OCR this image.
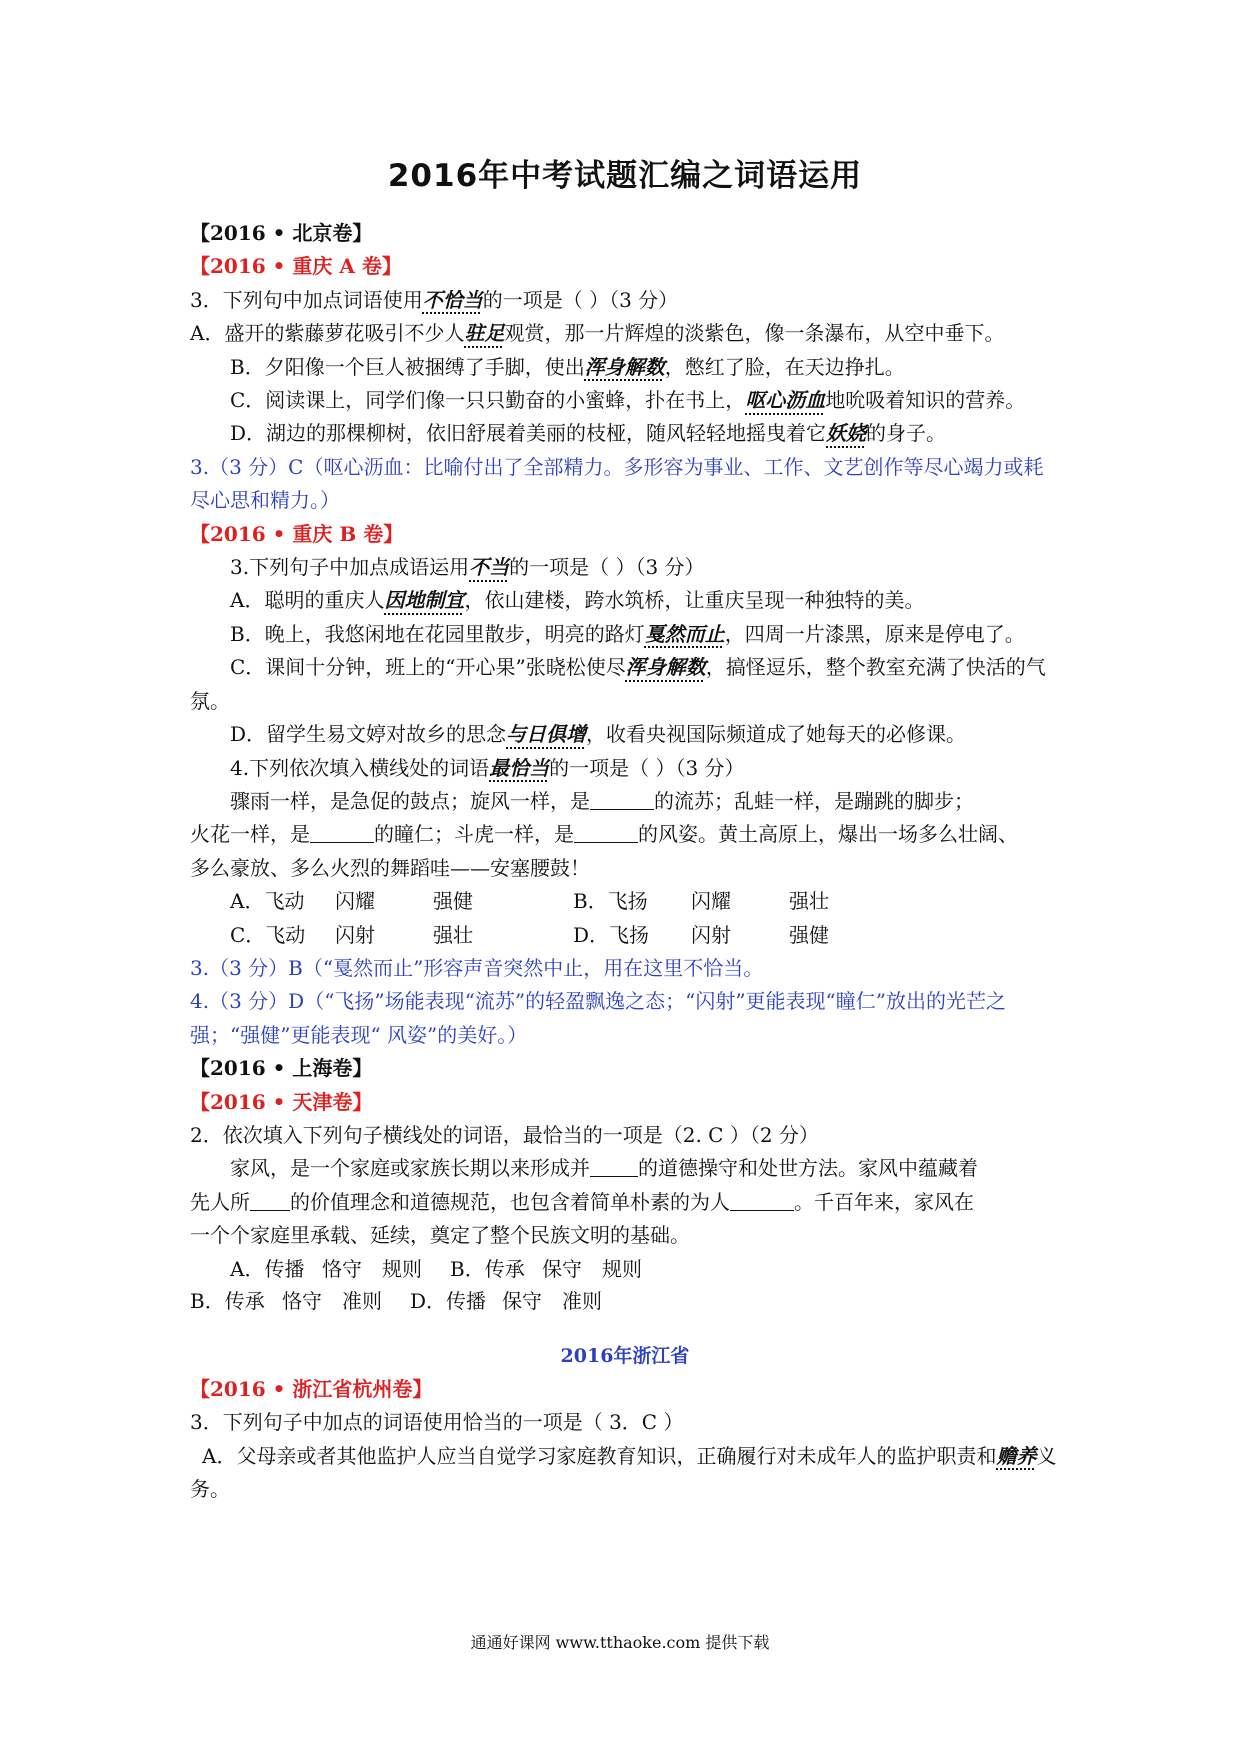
2016年中考试题汇编之词语运用
【2016 • 北京卷】
【2016 • 重庆 A 卷】
3．下列句中加点词语使用不恰当的一项是（ ）（3 分）
A．盛开的紫藤萝花吸引不少人驻足观赏，那一片辉煌的淡紫色，像一条瀑布，从空中垂下。
B．夕阳像一个巨人被捆缚了手脚，使出浑身解数，憋红了脸，在天边挣扎。
C．阅读课上，同学们像一只只勤奋的小蜜蜂，扑在书上，呕心沥血地吮吸着知识的营养。
D．湖边的那棵柳树，依旧舒展着美丽的枝桠，随风轻轻地摇曳着它妖娆的身子。
3.（3 分）C（呕心沥血：比喻付出了全部精力。多形容为事业、工作、文艺创作等尽心竭力或耗尽心思和精力。）
【2016 • 重庆 B 卷】
3.下列句子中加点成语运用不当的一项是（ ）（3 分）
A．聪明的重庆人因地制宜，依山建楼，跨水筑桥，让重庆呈现一种独特的美。
B．晚上，我悠闲地在花园里散步，明亮的路灯戛然而止，四周一片漆黑，原来是停电了。
C．课间十分钟，班上的“开心果”张晓松使尽浑身解数，搞怪逗乐，整个教室充满了快活的气氛。
D．留学生易文婷对故乡的思念与日俱增，收看央视国际频道成了她每天的必修课。
4.下列依次填入横线处的词语最恰当的一项是（ ）（3 分）
骤雨一样，是急促的鼓点；旋风一样，是	的流苏；乱蛙一样，是蹦跳的脚步；
火花一样，是	的瞳仁；斗虎一样，是	的风姿。黄土高原上，爆出一场多么壮阔、
多么豪放、多么火烈的舞蹈哇——安塞腰鼓！
A．飞动 闪耀	强健	B．飞扬 闪耀	强壮
C．飞动 闪射	强壮	D．飞扬 闪射	强健
3.（3 分）B（“戛然而止”形容声音突然中止，用在这里不恰当。
4.（3 分）D（“飞扬”场能表现“流苏”的轻盈飘逸之态；“闪射”更能表现“瞳仁”放出的光芒之强；“强健”更能表现“ 风姿”的美好。）
【2016 • 上海卷】
【2016 • 天津卷】
2．依次填入下列句子横线处的词语，最恰当的一项是（2. C ）（2 分）
家风，是一个家庭或家族长期以来形成并 的道德操守和处世方法。家风中蕴藏着
先人所 的价值理念和道德规范，也包含着简单朴素的为人	。千百年来，家风在
一个个家庭里承载、延续，奠定了整个民族文明的基础。
A．传播 恪守 规则 B．传承 保守 规则
B．传承 恪守 准则 D．传播 保守 准则
2016年浙江省
【2016 • 浙江省杭州卷】
3．下列句子中加点的词语使用恰当的一项是（ 3．C ）
A．父母亲或者其他监护人应当自觉学习家庭教育知识，正确履行对未成年人的监护职责和赡养义务。
通通好课网 www.tthaoke.com 提供下载
